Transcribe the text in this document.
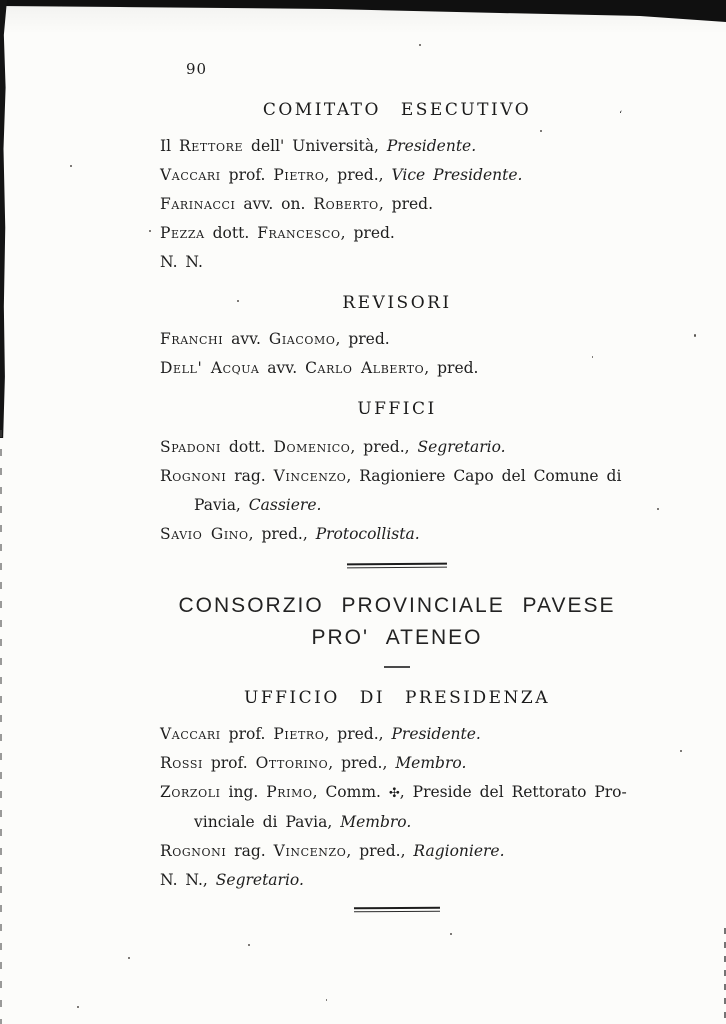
‘
90
COMITATO ESECUTIVO
Il Rettore dell' Università, Presidente.
Vaccari prof. Pietro, pred., Vice Presidente.
Farinacci avv. on. Roberto, pred.
Pezza dott. Francesco, pred.
N. N.
REVISORI
Franchi avv. Giacomo, pred.
Dell' Acqua avv. Carlo Alberto, pred.
UFFICI
Spadoni dott. Domenico, pred., Segretario.
Rognoni rag. Vincenzo, Ragioniere Capo del Comune di
Pavia, Cassiere.
Savio Gino, pred., Protocollista.
CONSORZIO PROVINCIALE PAVESE
PRO' ATENEO
UFFICIO DI PRESIDENZA
Vaccari prof. Pietro, pred., Presidente.
Rossi prof. Ottorino, pred., Membro.
Zorzoli ing. Primo, Comm. ✣, Preside del Rettorato Pro-
vinciale di Pavia, Membro.
Rognoni rag. Vincenzo, pred., Ragioniere.
N. N., Segretario.
